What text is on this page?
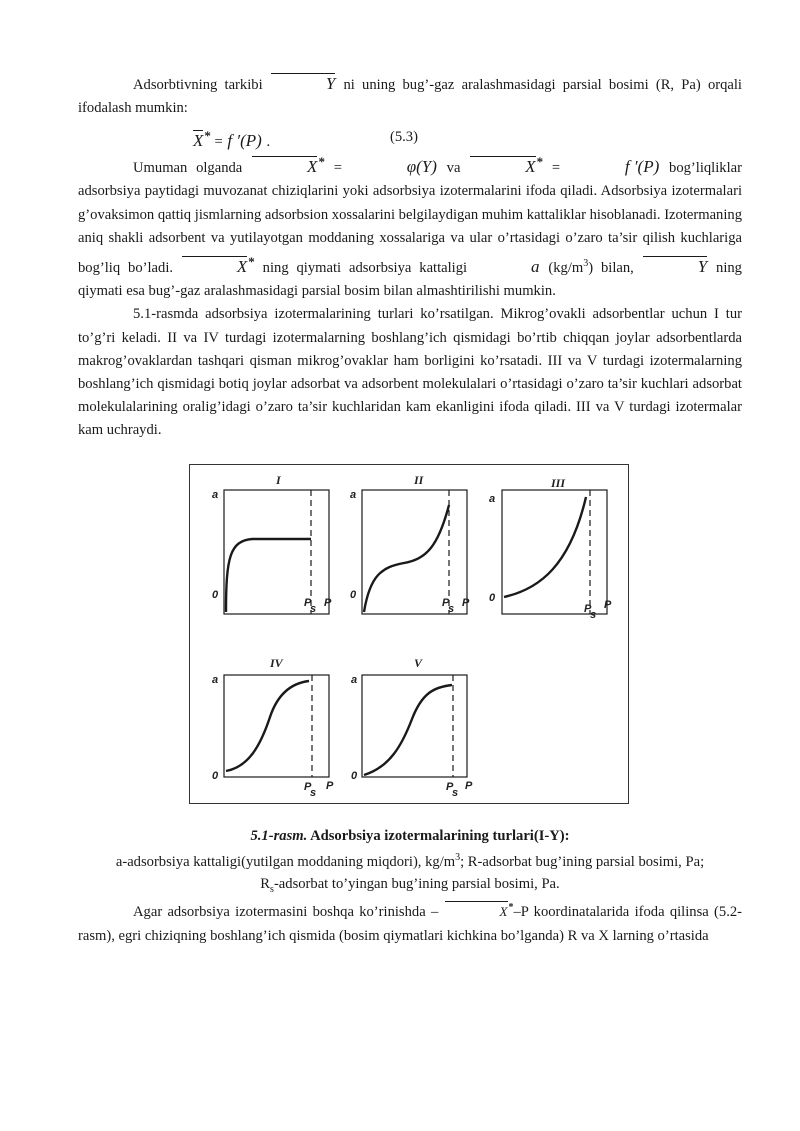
Adsorbtivning tarkibi	Y ni uning bug’-gaz aralashmasidagi parsial bosimi (R, Pa) orqali ifodalash mumkin:

X* = f ′(P) .	(5.3)

Umuman olganda	X* =	φ(Y) va	X* =	f ′(P) bog’liqliklar adsorbsiya paytidagi muvozanat chiziqlarini yoki adsorbsiya izotermalarini ifoda qiladi. Adsorbsiya izotermalari g’ovaksimon qattiq jismlarning adsorbsion xossalarini belgilaydigan muhim kattaliklar hisoblanadi. Izotermaning aniq shakli adsorbent va yutilayotgan moddaning xossalariga va ular o’rtasidagi o’zaro ta’sir qilish kuchlariga bog’liq bo’ladi.	X* ning qiymati adsorbsiya kattaligi	a $(kg/m^3)$ bilan,	Y ning qiymati esa bug’-gaz aralashmasidagi parsial bosim bilan almashtirilishi mumkin.

5.1-rasmda adsorbsiya izotermalarining turlari ko’rsatilgan. Mikrog’ovakli adsorbentlar uchun I tur to’g’ri keladi. II va IV turdagi izotermalarning boshlang’ich qismidagi bo’rtib chiqqan joylar adsorbentlarda makrog’ovaklardan tashqari qisman mikrog’ovaklar ham borligini ko’rsatadi. III va V turdagi izotermalarning boshlang’ich qismidagi botiq joylar adsorbat va adsorbent molekulalari o’rtasidagi o’zaro ta’sir kuchlari adsorbat molekulalarining oralig’idagi o’zaro ta’sir kuchlaridan kam ekanligini ifoda qiladi. III va V turdagi izotermalar kam uchraydi.

I
a
0
P
s P
II
a
0
P
s P
III
a
0
P
s
P
IV
a
0
P
s
P
V
a
0
P
s
P
5.1-rasm. Adsorbsiya izotermalarining turlari(I-Y):
a-adsorbsiya kattaligi(yutilgan moddaning miqdori), $kg/m^3$; R-adsorbat bug’ining parsial bosimi, Pa;
$R_s$-adsorbat to’yingan bug’ining parsial bosimi, Pa.

Agar adsorbsiya izotermasini boshqa ko’rinishda –	X*–P koordinatalarida ifoda qilinsa (5.2-rasm), egri chiziqning boshlang’ich qismida (bosim qiymatlari kichkina bo’lganda) R va X larning o’rtasida
